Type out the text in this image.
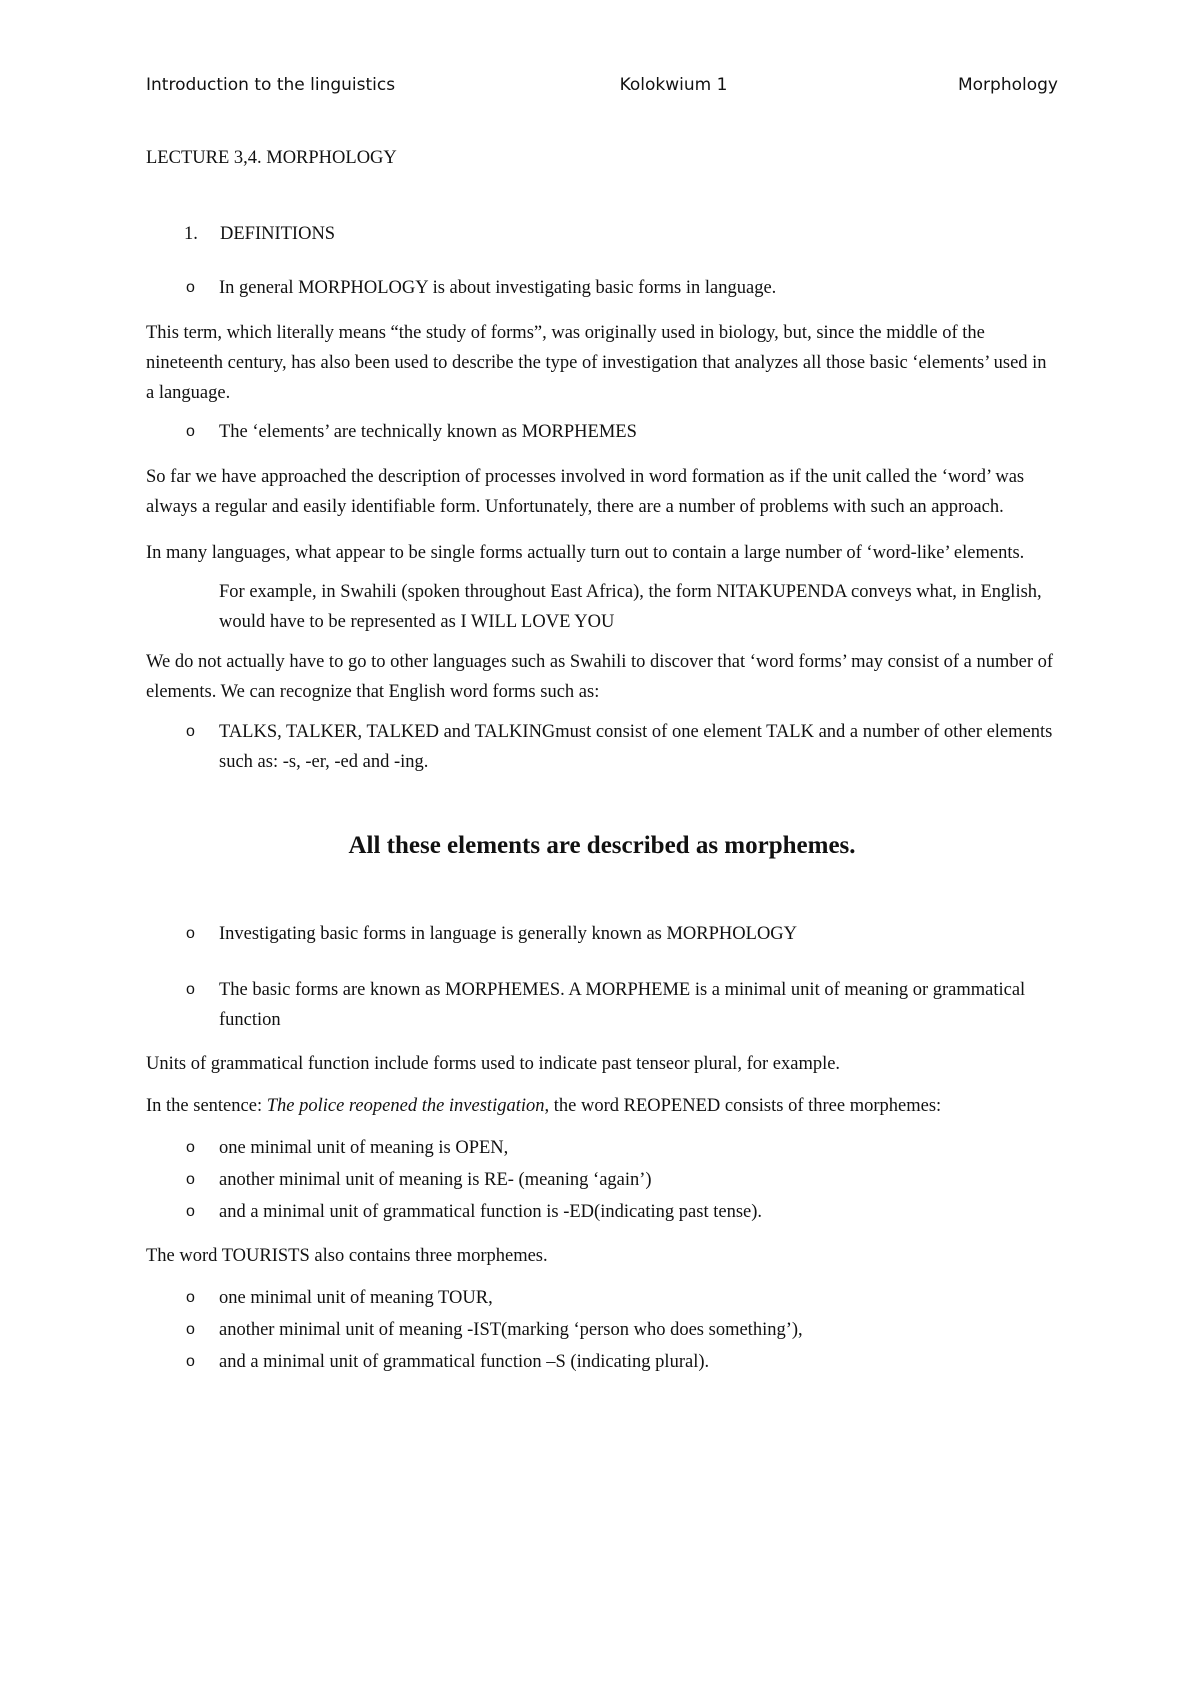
Introduction to the linguistics	Kolokwium 1	Morphology
LECTURE 3,4. MORPHOLOGY
1. DEFINITIONS
o In general MORPHOLOGY is about investigating basic forms in language.

This term, which literally means “the study of forms”, was originally used in biology, but, since the middle of the nineteenth century, has also been used to describe the type of investigation that analyzes all those basic ‘elements’ used in a language.

o The ‘elements’ are technically known as MORPHEMES

So far we have approached the description of processes involved in word formation as if the unit called the ‘word’ was always a regular and easily identifiable form. Unfortunately, there are a number of problems with such an approach.

In many languages, what appear to be single forms actually turn out to contain a large number of ‘word-like’ elements.

For example, in Swahili (spoken throughout East Africa), the form NITAKUPENDA conveys what, in English, would have to be represented as I WILL LOVE YOU

We do not actually have to go to other languages such as Swahili to discover that ‘word forms’ may consist of a number of elements. We can recognize that English word forms such as:

o TALKS, TALKER, TALKED and TALKINGmust consist of one element TALK and a number of other elements such as: -s, -er, -ed and -ing.
All these elements are described as morphemes.
o Investigating basic forms in language is generally known as MORPHOLOGY
o The basic forms are known as MORPHEMES. A MORPHEME is a minimal unit of meaning or grammatical function

Units of grammatical function include forms used to indicate past tenseor plural, for example.

In the sentence: The police reopened the investigation, the word REOPENED consists of three morphemes:

o one minimal unit of meaning is OPEN,
o another minimal unit of meaning is RE- (meaning ‘again’)
o and a minimal unit of grammatical function is -ED(indicating past tense).

The word TOURISTS also contains three morphemes.

o one minimal unit of meaning TOUR,
o another minimal unit of meaning -IST(marking ‘person who does something’),
o and a minimal unit of grammatical function –S (indicating plural).
